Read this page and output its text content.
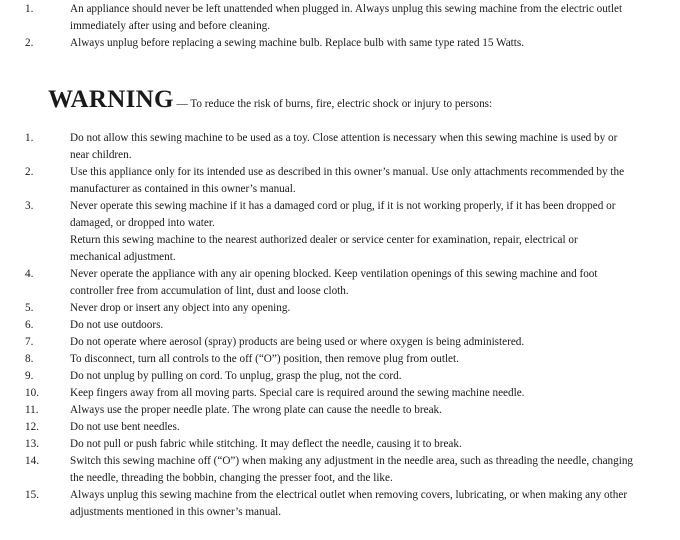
1.	An appliance should never be left unattended when plugged in. Always unplug this sewing machine from the electric outlet
immediately after using and before cleaning.
2.	Always unplug before replacing a sewing machine bulb. Replace bulb with same type rated 15 Watts.
WARNING — To reduce the risk of burns, fire, electric shock or injury to persons:
1.	Do not allow this sewing machine to be used as a toy. Close attention is necessary when this sewing machine is used by or
near children.
2.	Use this appliance only for its intended use as described in this owner’s manual. Use only attachments recommended by the
manufacturer as contained in this owner’s manual.
3.	Never operate this sewing machine if it has a damaged cord or plug, if it is not working properly, if it has been dropped or
damaged, or dropped into water.
Return this sewing machine to the nearest authorized dealer or service center for examination, repair, electrical or
mechanical adjustment.
4.	Never operate the appliance with any air opening blocked. Keep ventilation openings of this sewing machine and foot
controller free from accumulation of lint, dust and loose cloth.
5.	Never drop or insert any object into any opening.
6.	Do not use outdoors.
7.	Do not operate where aerosol (spray) products are being used or where oxygen is being administered.
8.	To disconnect, turn all controls to the off (“O”) position, then remove plug from outlet.
9.	Do not unplug by pulling on cord. To unplug, grasp the plug, not the cord.
10.	Keep fingers away from all moving parts. Special care is required around the sewing machine needle.
11.	Always use the proper needle plate. The wrong plate can cause the needle to break.
12.	Do not use bent needles.
13.	Do not pull or push fabric while stitching. It may deflect the needle, causing it to break.
14.	Switch this sewing machine off (“O”) when making any adjustment in the needle area, such as threading the needle, changing
the needle, threading the bobbin, changing the presser foot, and the like.
15.	Always unplug this sewing machine from the electrical outlet when removing covers, lubricating, or when making any other
adjustments mentioned in this owner’s manual.
